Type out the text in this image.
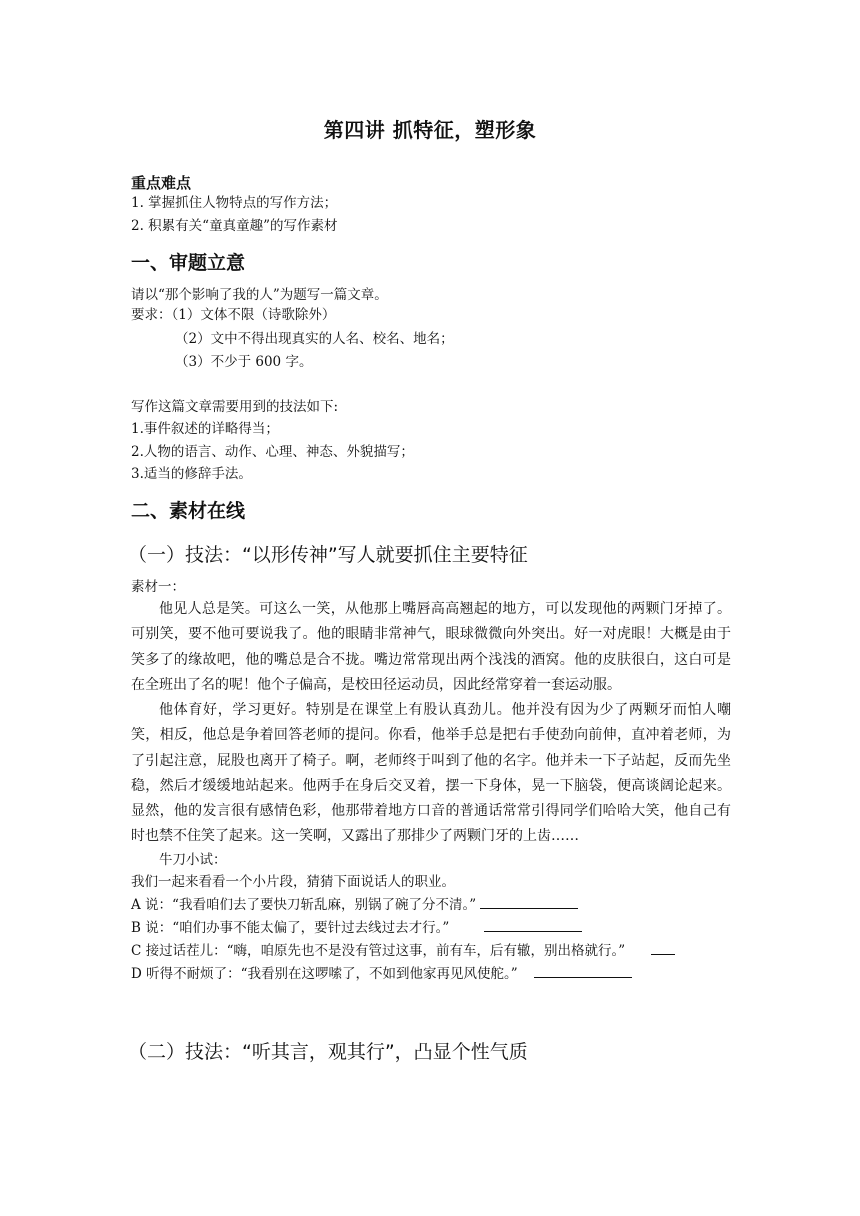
第四讲 抓特征，塑形象
重点难点
1. 掌握抓住人物特点的写作方法；
2. 积累有关“童真童趣”的写作素材
一、审题立意
请以“那个影响了我的人”为题写一篇文章。
要求：（1）文体不限（诗歌除外）
（2）文中不得出现真实的人名、校名、地名；
（3）不少于 600 字。
写作这篇文章需要用到的技法如下:
1.事件叙述的详略得当；
2.人物的语言、动作、心理、神态、外貌描写；
3.适当的修辞手法。
二、素材在线
（一）技法：“以形传神”写人就要抓住主要特征
素材一：
他见人总是笑。可这么一笑，从他那上嘴唇高高翘起的地方，可以发现他的两颗门牙掉了。可别笑，要不他可要说我了。他的眼睛非常神气，眼球微微向外突出。好一对虎眼！大概是由于笑多了的缘故吧，他的嘴总是合不拢。嘴边常常现出两个浅浅的酒窝。他的皮肤很白，这白可是在全班出了名的呢！他个子偏高，是校田径运动员，因此经常穿着一套运动服。
他体育好，学习更好。特别是在课堂上有股认真劲儿。他并没有因为少了两颗牙而怕人嘲笑，相反，他总是争着回答老师的提问。你看，他举手总是把右手使劲向前伸，直冲着老师，为了引起注意，屁股也离开了椅子。啊，老师终于叫到了他的名字。他并未一下子站起，反而先坐稳，然后才缓缓地站起来。他两手在身后交叉着，摆一下身体，晃一下脑袋，便高谈阔论起来。显然，他的发言很有感情色彩，他那带着地方口音的普通话常常引得同学们哈哈大笑，他自己有时也禁不住笑了起来。这一笑啊，又露出了那排少了两颗门牙的上齿……
牛刀小试：
我们一起来看看一个小片段，猜猜下面说话人的职业。
A 说：“我看咱们去了要快刀斩乱麻，别锅了碗了分不清。”
B 说：“咱们办事不能太偏了，要针过去线过去才行。”
C 接过话茬儿：“嗨，咱原先也不是没有管过这事，前有车，后有辙，别出格就行。”
D 听得不耐烦了：“我看别在这啰嗦了，不如到他家再见风使舵。”
（二）技法：“听其言，观其行”，凸显个性气质
